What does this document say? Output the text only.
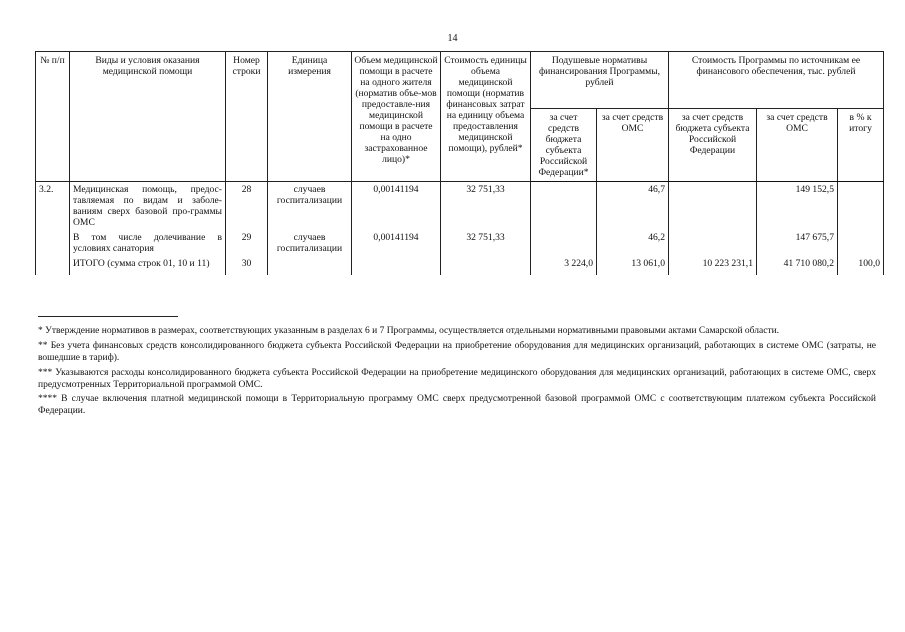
14
№ п/п	Виды и условия оказания медицинской помощи	Номер строки	Единица измерения	Объем медицинской помощи в расчете на одного жителя (норматив объе-мов предоставле-ния медицинской помощи в расчете на одно застрахованное лицо)*	Стоимость единицы объема медицинской помощи (норматив финансовых затрат на единицу объема предоставления медицинской помощи), рублей*	Подушевые нормативы финансирования Программы, рублей		Стоимость Программы по источникам ее финансового обеспечения, тыс. рублей		
						за счет средств бюджета субъекта Российской Федерации*	за счет средств ОМС	за счет средств бюджета субъекта Российской Федерации	за счет средств ОМС	в % к итогу
3.2.	Медицинская помощь, предос-тавляемая по видам и заболе-ваниям сверх базовой про-граммы ОМС	28	случаев госпитализации	0,00141194	32 751,33		46,7		149 152,5	
	В том числе долечивание в условиях санатория	29	случаев госпитализации	0,00141194	32 751,33		46,2		147 675,7	
	ИТОГО (сумма строк 01, 10 и 11)	30				3 224,0	13 061,0	10 223 231,1	41 710 080,2	100,0

* Утверждение нормативов в размерах, соответствующих указанным в разделах 6 и 7 Программы, осуществляется отдельными нормативными правовыми актами Самарской области.

** Без учета финансовых средств консолидированного бюджета субъекта Российской Федерации на приобретение оборудования для медицинских организаций, работающих в системе ОМС (затраты, не вошедшие в тариф).

*** Указываются расходы консолидированного бюджета субъекта Российской Федерации на приобретение медицинского оборудования для медицинских организаций, работающих в системе ОМС, сверх предусмотренных Территориальной программой ОМС.

**** В случае включения платной медицинской помощи в Территориальную программу ОМС сверх предусмотренной базовой программой ОМС с соответствующим платежом субъекта Российской Федерации.
